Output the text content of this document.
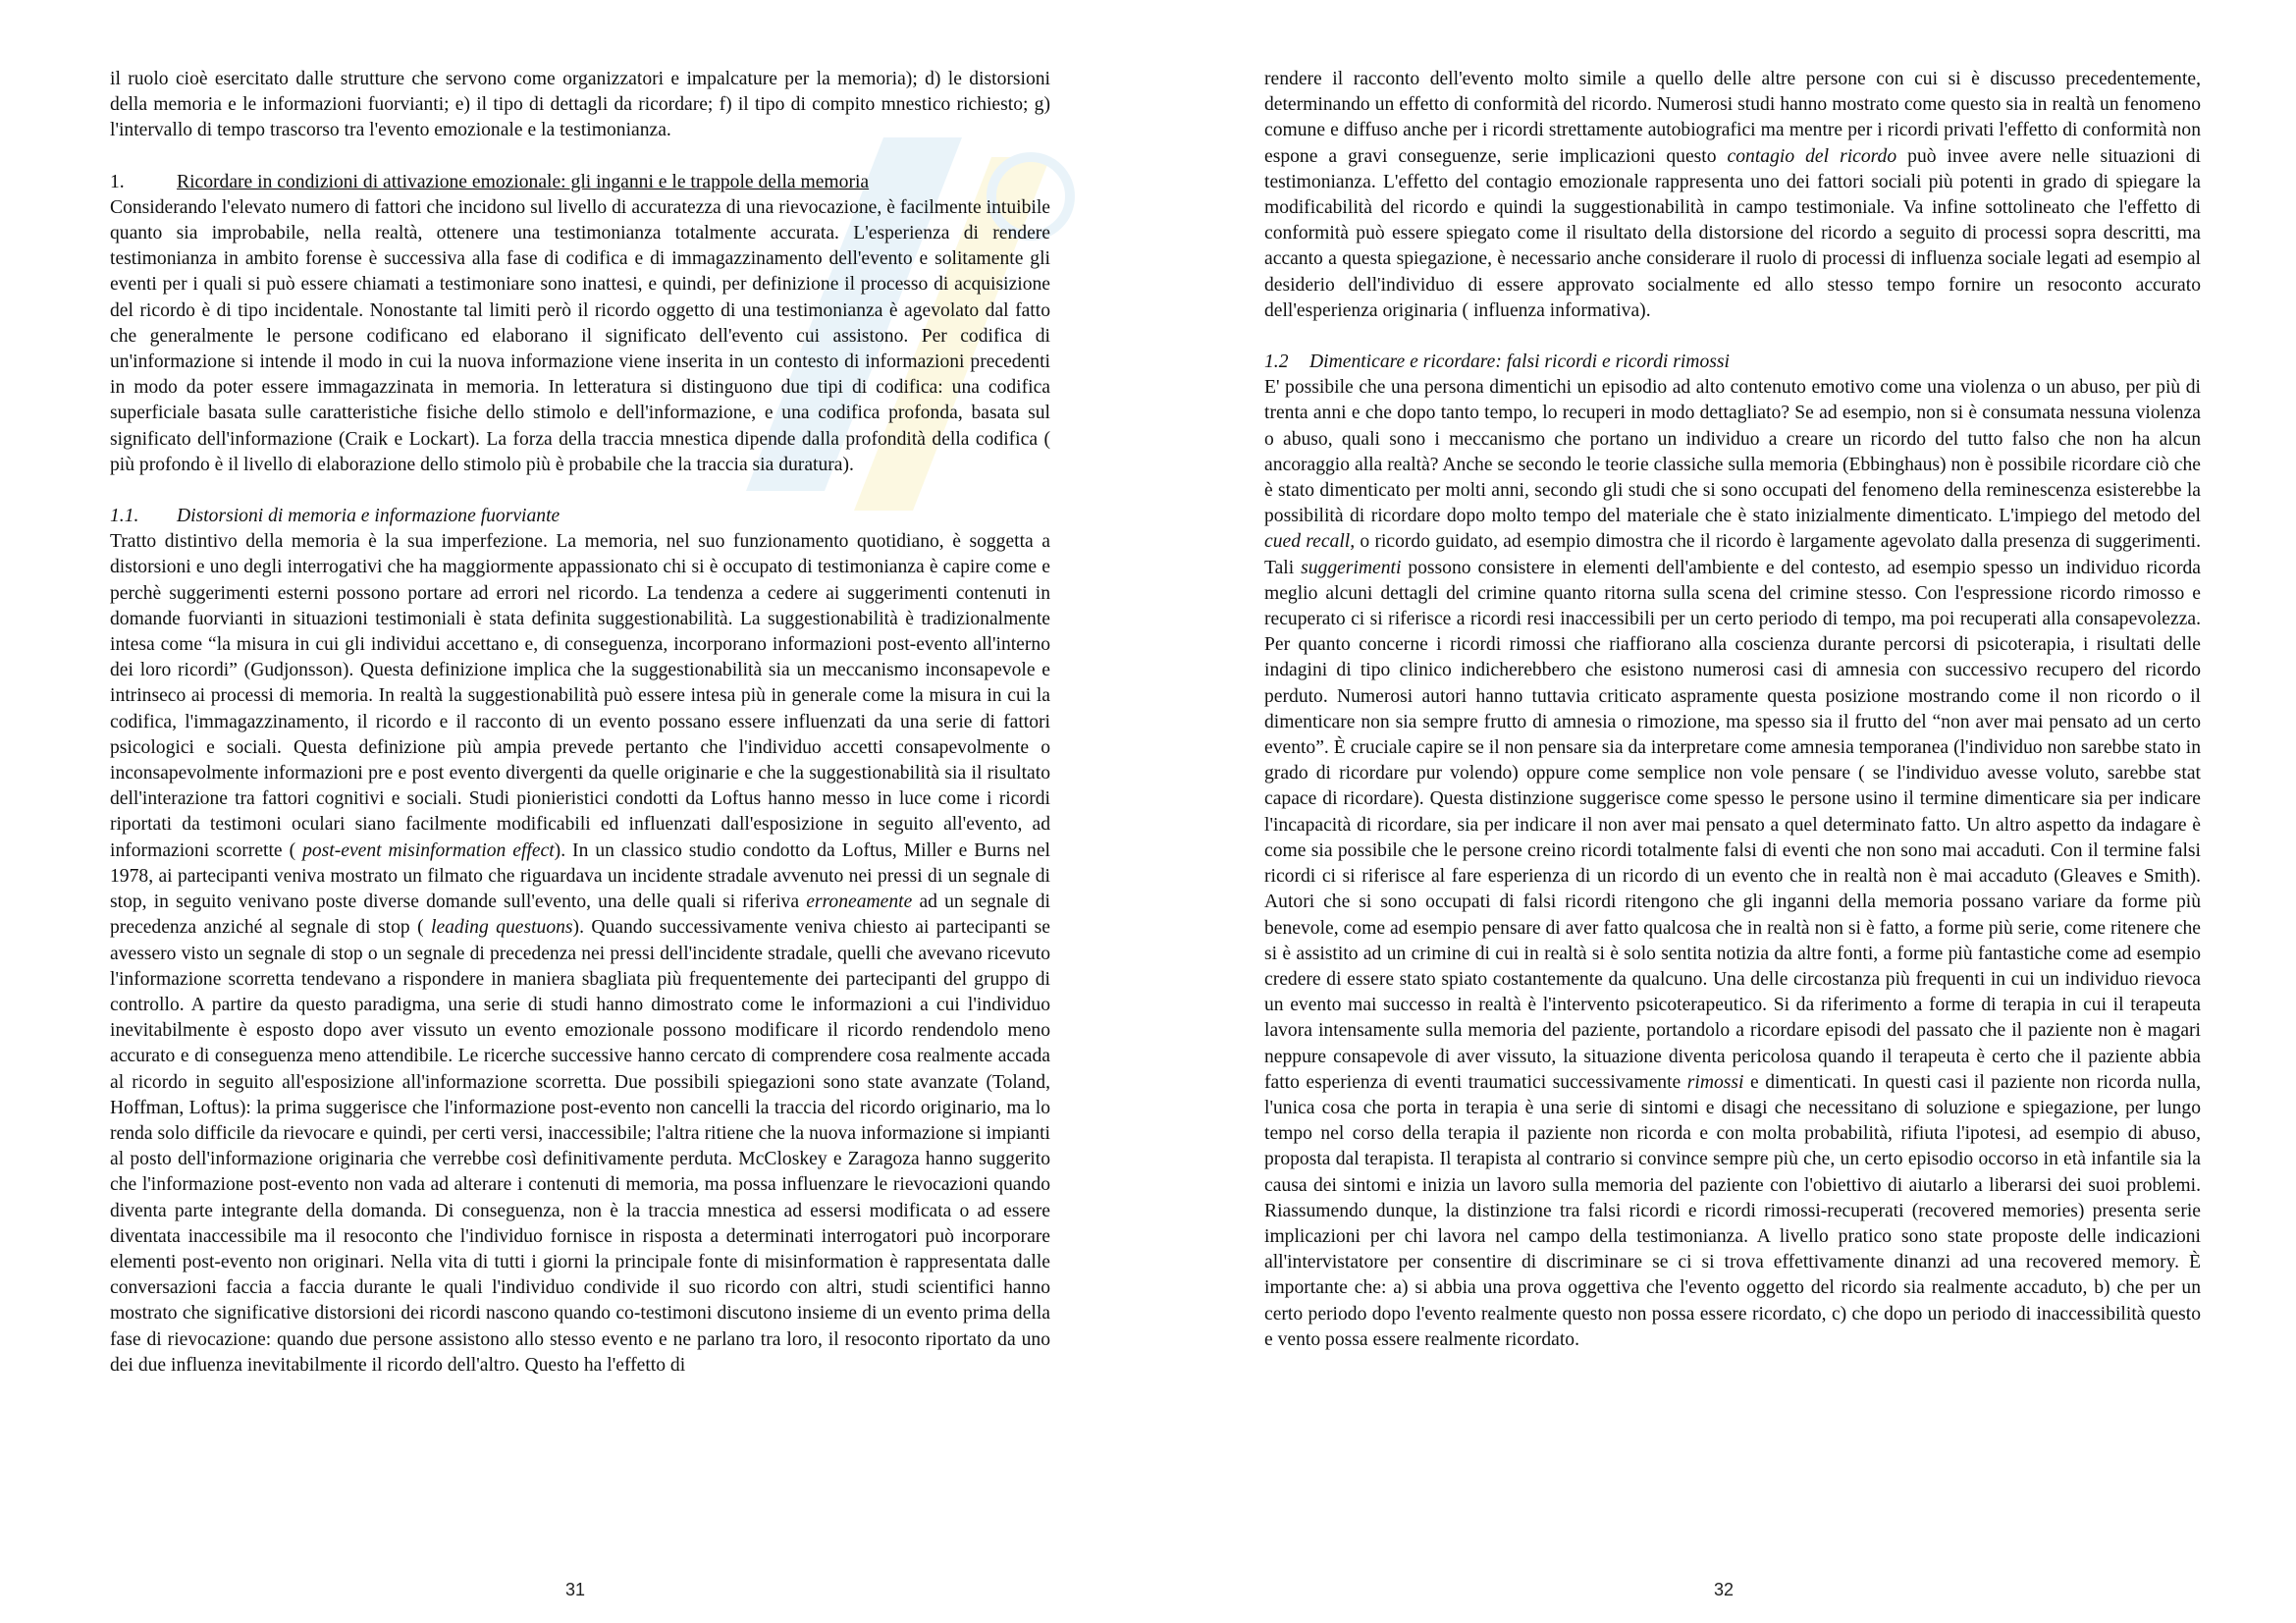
il ruolo cioè esercitato dalle strutture che servono come organizzatori e impalcature per la memoria); d) le distorsioni della memoria e le informazioni fuorvianti; e) il tipo di dettagli da ricordare; f) il tipo di compito mnestico richiesto; g) l'intervallo di tempo trascorso tra l'evento emozionale e la testimonianza.

1.	Ricordare in condizioni di attivazione emozionale: gli inganni e le trappole della memoria

Considerando l'elevato numero di fattori che incidono sul livello di accuratezza di una rievocazione, è facilmente intuibile quanto sia improbabile, nella realtà, ottenere una testimonianza totalmente accurata. L'esperienza di rendere testimonianza in ambito forense è successiva alla fase di codifica e di immagazzinamento dell'evento e solitamente gli eventi per i quali si può essere chiamati a testimoniare sono inattesi, e quindi, per definizione il processo di acquisizione del ricordo è di tipo incidentale. Nonostante tal limiti però il ricordo oggetto di una testimonianza è agevolato dal fatto che generalmente le persone codificano ed elaborano il significato dell'evento cui assistono. Per codifica di un'informazione si intende il modo in cui la nuova informazione viene inserita in un contesto di informazioni precedenti in modo da poter essere immagazzinata in memoria. In letteratura si distinguono due tipi di codifica: una codifica superficiale basata sulle caratteristiche fisiche dello stimolo e dell'informazione, e una codifica profonda, basata sul significato dell'informazione (Craik e Lockart). La forza della traccia mnestica dipende dalla profondità della codifica ( più profondo è il livello di elaborazione dello stimolo più è probabile che la traccia sia duratura).

1.1. Distorsioni di memoria e informazione fuorviante

Tratto distintivo della memoria è la sua imperfezione. La memoria, nel suo funzionamento quotidiano, è soggetta a distorsioni e uno degli interrogativi che ha maggiormente appassionato chi si è occupato di testimonianza è capire come e perchè suggerimenti esterni possono portare ad errori nel ricordo. La tendenza a cedere ai suggerimenti contenuti in domande fuorvianti in situazioni testimoniali è stata definita suggestionabilità. La suggestionabilità è tradizionalmente intesa come “la misura in cui gli individui accettano e, di conseguenza, incorporano informazioni post-evento all'interno dei loro ricordi” (Gudjonsson). Questa definizione implica che la suggestionabilità sia un meccanismo inconsapevole e intrinseco ai processi di memoria. In realtà la suggestionabilità può essere intesa più in generale come la misura in cui la codifica, l'immagazzinamento, il ricordo e il racconto di un evento possano essere influenzati da una serie di fattori psicologici e sociali. Questa definizione più ampia prevede pertanto che l'individuo accetti consapevolmente o inconsapevolmente informazioni pre e post evento divergenti da quelle originarie e che la suggestionabilità sia il risultato dell'interazione tra fattori cognitivi e sociali. Studi pionieristici condotti da Loftus hanno messo in luce come i ricordi riportati da testimoni oculari siano facilmente modificabili ed influenzati dall'esposizione in seguito all'evento, ad informazioni scorrette ( post-event misinformation effect). In un classico studio condotto da Loftus, Miller e Burns nel 1978, ai partecipanti veniva mostrato un filmato che riguardava un incidente stradale avvenuto nei pressi di un segnale di stop, in seguito venivano poste diverse domande sull'evento, una delle quali si riferiva erroneamente ad un segnale di precedenza anziché al segnale di stop ( leading questuons). Quando successivamente veniva chiesto ai partecipanti se avessero visto un segnale di stop o un segnale di precedenza nei pressi dell'incidente stradale, quelli che avevano ricevuto l'informazione scorretta tendevano a rispondere in maniera sbagliata più frequentemente dei partecipanti del gruppo di controllo. A partire da questo paradigma, una serie di studi hanno dimostrato come le informazioni a cui l'individuo inevitabilmente è esposto dopo aver vissuto un evento emozionale possono modificare il ricordo rendendolo meno accurato e di conseguenza meno attendibile. Le ricerche successive hanno cercato di comprendere cosa realmente accada al ricordo in seguito all'esposizione all'informazione scorretta. Due possibili spiegazioni sono state avanzate (Toland, Hoffman, Loftus): la prima suggerisce che l'informazione post-evento non cancelli la traccia del ricordo originario, ma lo renda solo difficile da rievocare e quindi, per certi versi, inaccessibile; l'altra ritiene che la nuova informazione si impianti al posto dell'informazione originaria che verrebbe così definitivamente perduta. McCloskey e Zaragoza hanno suggerito che l'informazione post-evento non vada ad alterare i contenuti di memoria, ma possa influenzare le rievocazioni quando diventa parte integrante della domanda. Di conseguenza, non è la traccia mnestica ad essersi modificata o ad essere diventata inaccessibile ma il resoconto che l'individuo fornisce in risposta a determinati interrogatori può incorporare elementi post-evento non originari. Nella vita di tutti i giorni la principale fonte di misinformation è rappresentata dalle conversazioni faccia a faccia durante le quali l'individuo condivide il suo ricordo con altri, studi scientifici hanno mostrato che significative distorsioni dei ricordi nascono quando co-testimoni discutono insieme di un evento prima della fase di rievocazione: quando due persone assistono allo stesso evento e ne parlano tra loro, il resoconto riportato da uno dei due influenza inevitabilmente il ricordo dell'altro. Questo ha l'effetto di

31

rendere il racconto dell'evento molto simile a quello delle altre persone con cui si è discusso precedentemente, determinando un effetto di conformità del ricordo. Numerosi studi hanno mostrato come questo sia in realtà un fenomeno comune e diffuso anche per i ricordi strettamente autobiografici ma mentre per i ricordi privati l'effetto di conformità non espone a gravi conseguenze, serie implicazioni questo contagio del ricordo può invee avere nelle situazioni di testimonianza. L'effetto del contagio emozionale rappresenta uno dei fattori sociali più potenti in grado di spiegare la modificabilità del ricordo e quindi la suggestionabilità in campo testimoniale. Va infine sottolineato che l'effetto di conformità può essere spiegato come il risultato della distorsione del ricordo a seguito di processi sopra descritti, ma accanto a questa spiegazione, è necessario anche considerare il ruolo di processi di influenza sociale legati ad esempio al desiderio dell'individuo di essere approvato socialmente ed allo stesso tempo fornire un resoconto accurato dell'esperienza originaria ( influenza informativa).

1.2 Dimenticare e ricordare: falsi ricordi e ricordi rimossi

E' possibile che una persona dimentichi un episodio ad alto contenuto emotivo come una violenza o un abuso, per più di trenta anni e che dopo tanto tempo, lo recuperi in modo dettagliato? Se ad esempio, non si è consumata nessuna violenza o abuso, quali sono i meccanismo che portano un individuo a creare un ricordo del tutto falso che non ha alcun ancoraggio alla realtà? Anche se secondo le teorie classiche sulla memoria (Ebbinghaus) non è possibile ricordare ciò che è stato dimenticato per molti anni, secondo gli studi che si sono occupati del fenomeno della reminescenza esisterebbe la possibilità di ricordare dopo molto tempo del materiale che è stato inizialmente dimenticato. L'impiego del metodo del cued recall, o ricordo guidato, ad esempio dimostra che il ricordo è largamente agevolato dalla presenza di suggerimenti. Tali suggerimenti possono consistere in elementi dell'ambiente e del contesto, ad esempio spesso un individuo ricorda meglio alcuni dettagli del crimine quanto ritorna sulla scena del crimine stesso. Con l'espressione ricordo rimosso e recuperato ci si riferisce a ricordi resi inaccessibili per un certo periodo di tempo, ma poi recuperati alla consapevolezza. Per quanto concerne i ricordi rimossi che riaffiorano alla coscienza durante percorsi di psicoterapia, i risultati delle indagini di tipo clinico indicherebbero che esistono numerosi casi di amnesia con successivo recupero del ricordo perduto. Numerosi autori hanno tuttavia criticato aspramente questa posizione mostrando come il non ricordo o il dimenticare non sia sempre frutto di amnesia o rimozione, ma spesso sia il frutto del “non aver mai pensato ad un certo evento”. È cruciale capire se il non pensare sia da interpretare come amnesia temporanea (l'individuo non sarebbe stato in grado di ricordare pur volendo) oppure come semplice non vole pensare ( se l'individuo avesse voluto, sarebbe stat capace di ricordare). Questa distinzione suggerisce come spesso le persone usino il termine dimenticare sia per indicare l'incapacità di ricordare, sia per indicare il non aver mai pensato a quel determinato fatto. Un altro aspetto da indagare è come sia possibile che le persone creino ricordi totalmente falsi di eventi che non sono mai accaduti. Con il termine falsi ricordi ci si riferisce al fare esperienza di un ricordo di un evento che in realtà non è mai accaduto (Gleaves e Smith). Autori che si sono occupati di falsi ricordi ritengono che gli inganni della memoria possano variare da forme più benevole, come ad esempio pensare di aver fatto qualcosa che in realtà non si è fatto, a forme più serie, come ritenere che si è assistito ad un crimine di cui in realtà si è solo sentita notizia da altre fonti, a forme più fantastiche come ad esempio credere di essere stato spiato costantemente da qualcuno. Una delle circostanza più frequenti in cui un individuo rievoca un evento mai successo in realtà è l'intervento psicoterapeutico. Si da riferimento a forme di terapia in cui il terapeuta lavora intensamente sulla memoria del paziente, portandolo a ricordare episodi del passato che il paziente non è magari neppure consapevole di aver vissuto, la situazione diventa pericolosa quando il terapeuta è certo che il paziente abbia fatto esperienza di eventi traumatici successivamente rimossi e dimenticati. In questi casi il paziente non ricorda nulla, l'unica cosa che porta in terapia è una serie di sintomi e disagi che necessitano di soluzione e spiegazione, per lungo tempo nel corso della terapia il paziente non ricorda e con molta probabilità, rifiuta l'ipotesi, ad esempio di abuso, proposta dal terapista. Il terapista al contrario si convince sempre più che, un certo episodio occorso in età infantile sia la causa dei sintomi e inizia un lavoro sulla memoria del paziente con l'obiettivo di aiutarlo a liberarsi dei suoi problemi. Riassumendo dunque, la distinzione tra falsi ricordi e ricordi rimossi-recuperati (recovered memories) presenta serie implicazioni per chi lavora nel campo della testimonianza. A livello pratico sono state proposte delle indicazioni all'intervistatore per consentire di discriminare se ci si trova effettivamente dinanzi ad una recovered memory. È importante che: a) si abbia una prova oggettiva che l'evento oggetto del ricordo sia realmente accaduto, b) che per un certo periodo dopo l'evento realmente questo non possa essere ricordato, c) che dopo un periodo di inaccessibilità questo e vento possa essere realmente ricordato.

32
